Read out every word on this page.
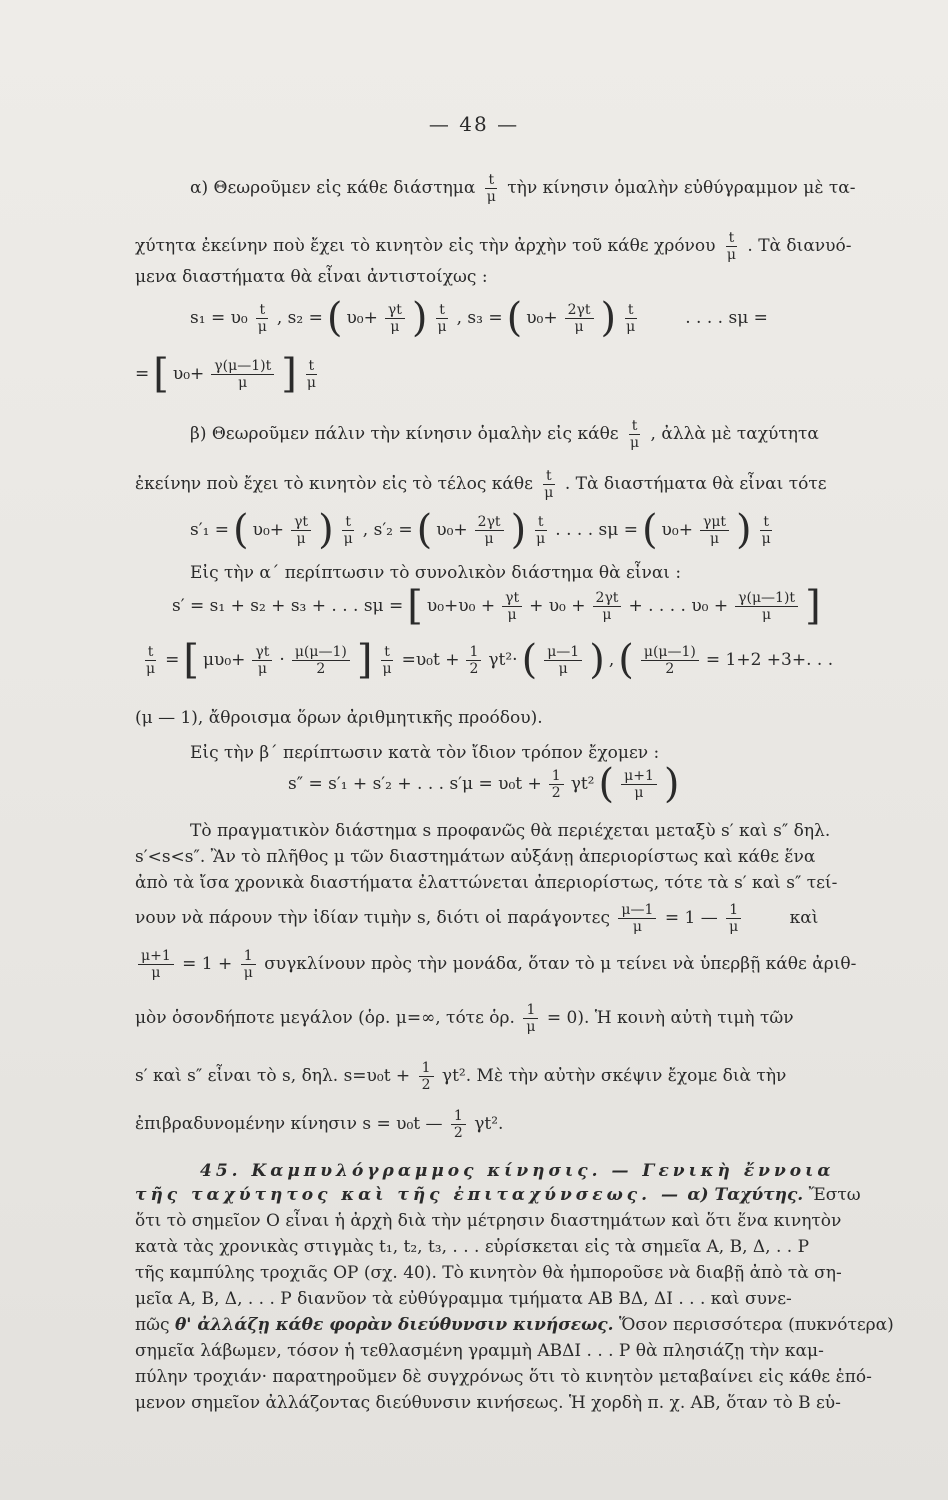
— 48 —
α) Θεωροῦμεν εἰς κάθε διάστημα $\frac{t}{\mu}$ τὴν κίνησιν ὁμαλὴν εὐθύγραμμον μὲ τα-
χύτητα ἐκείνην ποὺ ἔχει τὸ κινητὸν εἰς τὴν ἀρχὴν τοῦ κάθε χρόνου $\frac{t}{\mu}$ . Τὰ διανυό-
μενα διαστήματα θὰ εἶναι ἀντιστοίχως :
$s_1 = \upsilon_0 \frac{t}{\mu}$ , s₂ = ( $\upsilon_0+ \frac{\gamma t}{\mu}$ ) $\frac{t}{\mu}$ , s₃ = ( $\upsilon_0+ \frac{2\gamma t}{\mu}$ ) $\frac{t}{\mu}$	. . . . sμ =
= [ $\upsilon_0+ \frac{\gamma(\mu—1)t}{\mu}$ ] $\frac{t}{\mu}$
β) Θεωροῦμεν πάλιν τὴν κίνησιν ὁμαλὴν εἰς κάθε $\frac{t}{\mu}$ , ἀλλὰ μὲ ταχύτητα
ἐκείνην ποὺ ἔχει τὸ κινητὸν εἰς τὸ τέλος κάθε $\frac{t}{\mu}$ . Τὰ διαστήματα θὰ εἶναι τότε
s′₁ = ( $\upsilon_0+ \frac{\gamma t}{\mu}$ ) $\frac{t}{\mu}$ , s′₂ = ( $\upsilon_0+ \frac{2\gamma t}{\mu}$ ) $\frac{t}{\mu}$ . . . . sμ = ( $\upsilon_0+ \frac{\text{γμt}}{\mu}$ ) $\frac{t}{\mu}$
Εἰς τὴν α΄ περίπτωσιν τὸ συνολικὸν διάστημα θὰ εἶναι :
s′ = s₁ + s₂ + s₃ + . . . sμ = [ $\upsilon_0+\upsilon_0 + \frac{\gamma t}{\mu} + \upsilon_0 + \frac{2\gamma t}{\mu}$ + . . . . $\upsilon_0 + \frac{\gamma(\mu—1)t}{\mu}$ ]
$\frac{t}{\mu}$ = [ $\mu\upsilon_0+ \frac{\gamma t}{\mu} \cdot \frac{\mu(\mu—1)}{2}$ ] $\frac{t}{\mu} =\upsilon_0t + \frac{1}{2} \gamma t^2\cdot$ ( $\frac{\mu—1}{\mu}$ ) , ( $\frac{\mu(\mu—1)}{2} = 1+2 +3+$. . .
(μ — 1), ἄθροισμα ὅρων ἀριθμητικῆς προόδου).
Εἰς τὴν β΄ περίπτωσιν κατὰ τὸν ἴδιον τρόπον ἔχομεν :
s″ = s′₁ + s′₂ + . . . $s'\mu = \upsilon_0t + \frac{1}{2} \gamma t^2$ ( $\frac{\mu+1}{\mu}$ )
Τὸ πραγματικὸν διάστημα s προφανῶς θὰ περιέχεται μεταξὺ s′ καὶ s″ δηλ.
s′<s<s″. Ἂν τὸ πλῆθος μ τῶν διαστημάτων αὐξάνῃ ἀπεριορίστως καὶ κάθε ἕνα
ἀπὸ τὰ ἴσα χρονικὰ διαστήματα ἐλαττώνεται ἀπεριορίστως, τότε τὰ s′ καὶ s″ τεί-
νουν νὰ πάρουν τὴν ἰδίαν τιμὴν s, διότι οἱ παράγοντες $\frac{\mu—1}{\mu} = 1$ — $\frac{1}{\mu}$	καὶ
$\frac{\mu+1}{\mu} = 1 + \frac{1}{\mu}$ συγκλίνουν πρὸς τὴν μονάδα, ὅταν τὸ μ τείνει νὰ ὑπερβῇ κάθε ἀριθ-
μὸν ὁσονδήποτε μεγάλον (ὁρ. μ=∞, τότε ὁρ. $\frac{1}{\mu} = 0$). Ἡ κοινὴ αὐτὴ τιμὴ τῶν
s′ καὶ s″ εἶναι τὸ s, δηλ. $s=\upsilon_0t + \frac{1}{2} \gamma t^2$. Μὲ τὴν αὐτὴν σκέψιν ἔχομε διὰ τὴν
ἐπιβραδυνομένην κίνησιν s = υ₀t — $\frac{1}{2} \gamma t^2$.
45. Καμπυλόγραμμος κίνησις. — Γενικὴ ἔννοια
τῆς ταχύτητος καὶ τῆς ἐπιταχύνσεως. — α) Ταχύτης. Ἔστω
ὅτι τὸ σημεῖον Ο εἶναι ἡ ἀρχὴ διὰ τὴν μέτρησιν διαστημάτων καὶ ὅτι ἕνα κινητὸν
κατὰ τὰς χρονικὰς στιγμὰς t₁, t₂, t₃, . . . εὑρίσκεται εἰς τὰ σημεῖα Α, Β, Δ, . . Ρ
τῆς καμπύλης τροχιᾶς ΟΡ (σχ. 40). Τὸ κινητὸν θὰ ἠμποροῦσε νὰ διαβῇ ἀπὸ τὰ ση-
μεῖα Α, Β, Δ, . . . Ρ διανῦον τὰ εὐθύγραμμα τμήματα ΑΒ ΒΔ, ΔΙ . . . καὶ συνε-
πῶς θ' ἀλλάζῃ κάθε φορὰν διεύθυνσιν κινήσεως. Ὅσον περισσότερα (πυκνότερα)
σημεῖα λάβωμεν, τόσον ἡ τεθλασμένη γραμμὴ ΑΒΔΙ . . . Ρ θὰ πλησιάζῃ τὴν καμ-
πύλην τροχιάν· παρατηροῦμεν δὲ συγχρόνως ὅτι τὸ κινητὸν μεταβαίνει εἰς κάθε ἑπό-
μενον σημεῖον ἀλλάζοντας διεύθυνσιν κινήσεως. Ἡ χορδὴ π. χ. ΑΒ, ὅταν τὸ Β εὑ-
